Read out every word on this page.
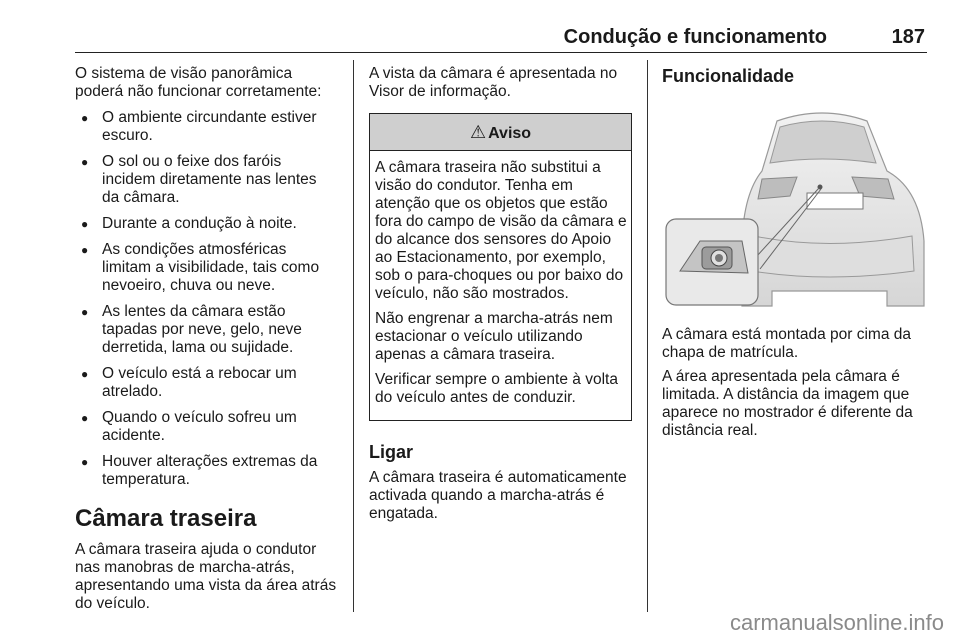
Condução e funcionamento	187

O sistema de visão panorâmica poderá não funcionar corretamente:

● O ambiente circundante estiver escuro.
● O sol ou o feixe dos faróis incidem diretamente nas lentes da câmara.
● Durante a condução à noite.
● As condições atmosféricas limitam a visibilidade, tais como nevoeiro, chuva ou neve.
● As lentes da câmara estão tapadas por neve, gelo, neve derretida, lama ou sujidade.
● O veículo está a rebocar um atrelado.
● Quando o veículo sofreu um acidente.
● Houver alterações extremas da temperatura.
Câmara traseira

A câmara traseira ajuda o condutor nas manobras de marcha-atrás, apresentando uma vista da área atrás do veículo.

A vista da câmara é apresentada no Visor de informação.

⚠ Aviso

A câmara traseira não substitui a visão do condutor. Tenha em atenção que os objetos que estão fora do campo de visão da câmara e do alcance dos sensores do Apoio ao Estacionamento, por exemplo, sob o para-choques ou por baixo do veículo, não são mostrados.

Não engrenar a marcha-atrás nem estacionar o veículo utilizando apenas a câmara traseira.

Verificar sempre o ambiente à volta do veículo antes de conduzir.

Ligar

A câmara traseira é automaticamente activada quando a marcha-atrás é engatada.

Funcionalidade

A câmara está montada por cima da chapa de matrícula.

A área apresentada pela câmara é limitada. A distância da imagem que aparece no mostrador é diferente da distância real.

carmanualsonline.info
